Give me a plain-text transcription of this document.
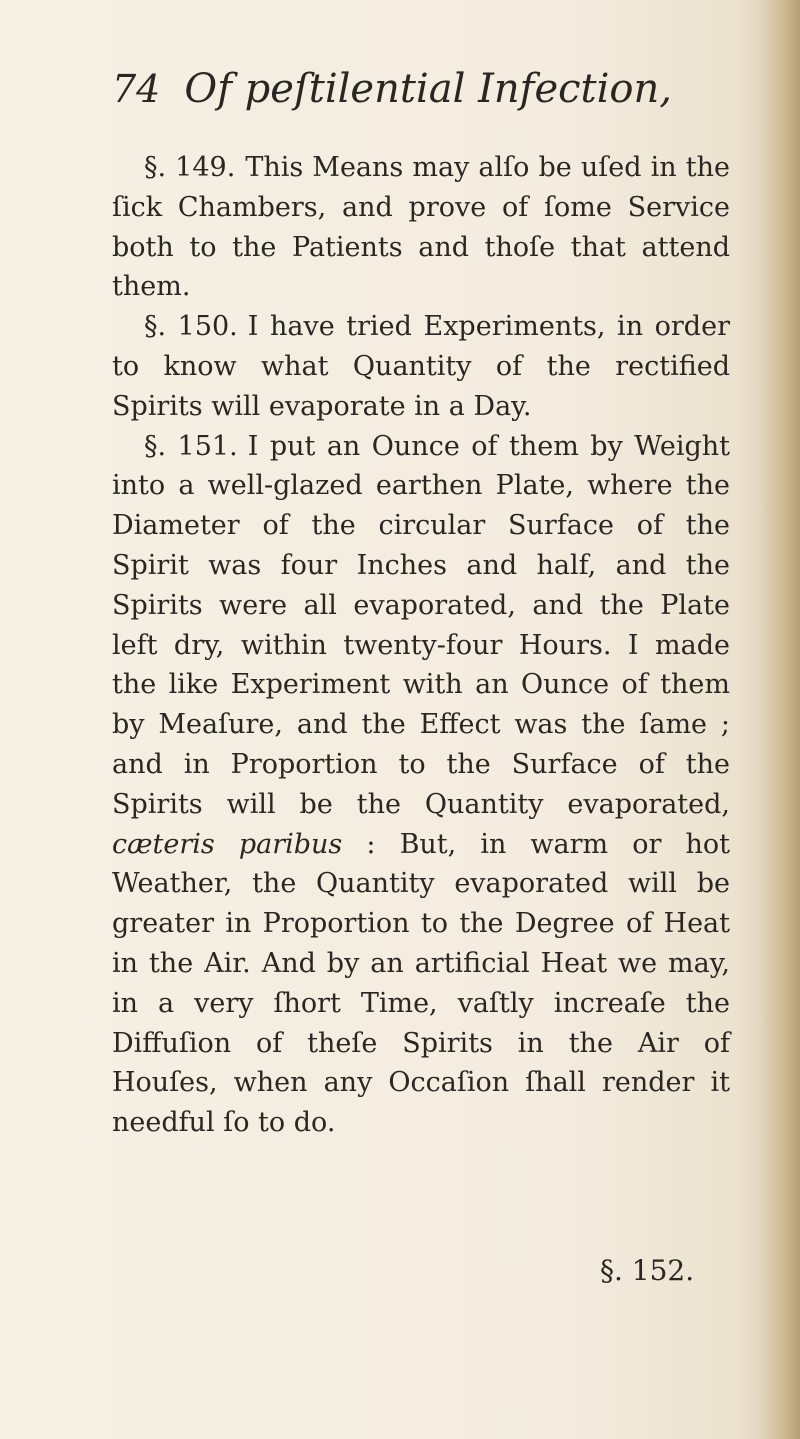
74 Of peſtilential Infection,

§. 149. This Means may alſo be uſed in the ſick Chambers, and prove of ſome Service both to the Patients and thoſe that attend them.

§. 150. I have tried Experiments, in order to know what Quantity of the rectified Spirits will evaporate in a Day.

§. 151. I put an Ounce of them by Weight into a well-glazed earthen Plate, where the Diameter of the circular Surface of the Spirit was four Inches and half, and the Spirits were all evaporated, and the Plate left dry, within twenty-four Hours. I made the like Experiment with an Ounce of them by Meaſure, and the Effect was the ſame ; and in Proportion to the Surface of the Spirits will be the Quantity evaporated, cæteris paribus : But, in warm or hot Weather, the Quantity evaporated will be greater in Proportion to the Degree of Heat in the Air. And by an artificial Heat we may, in a very ſhort Time, vaſtly increaſe the Diffuſion of theſe Spirits in the Air of Houſes, when any Occaſion ſhall render it needful ſo to do.

§. 152.
